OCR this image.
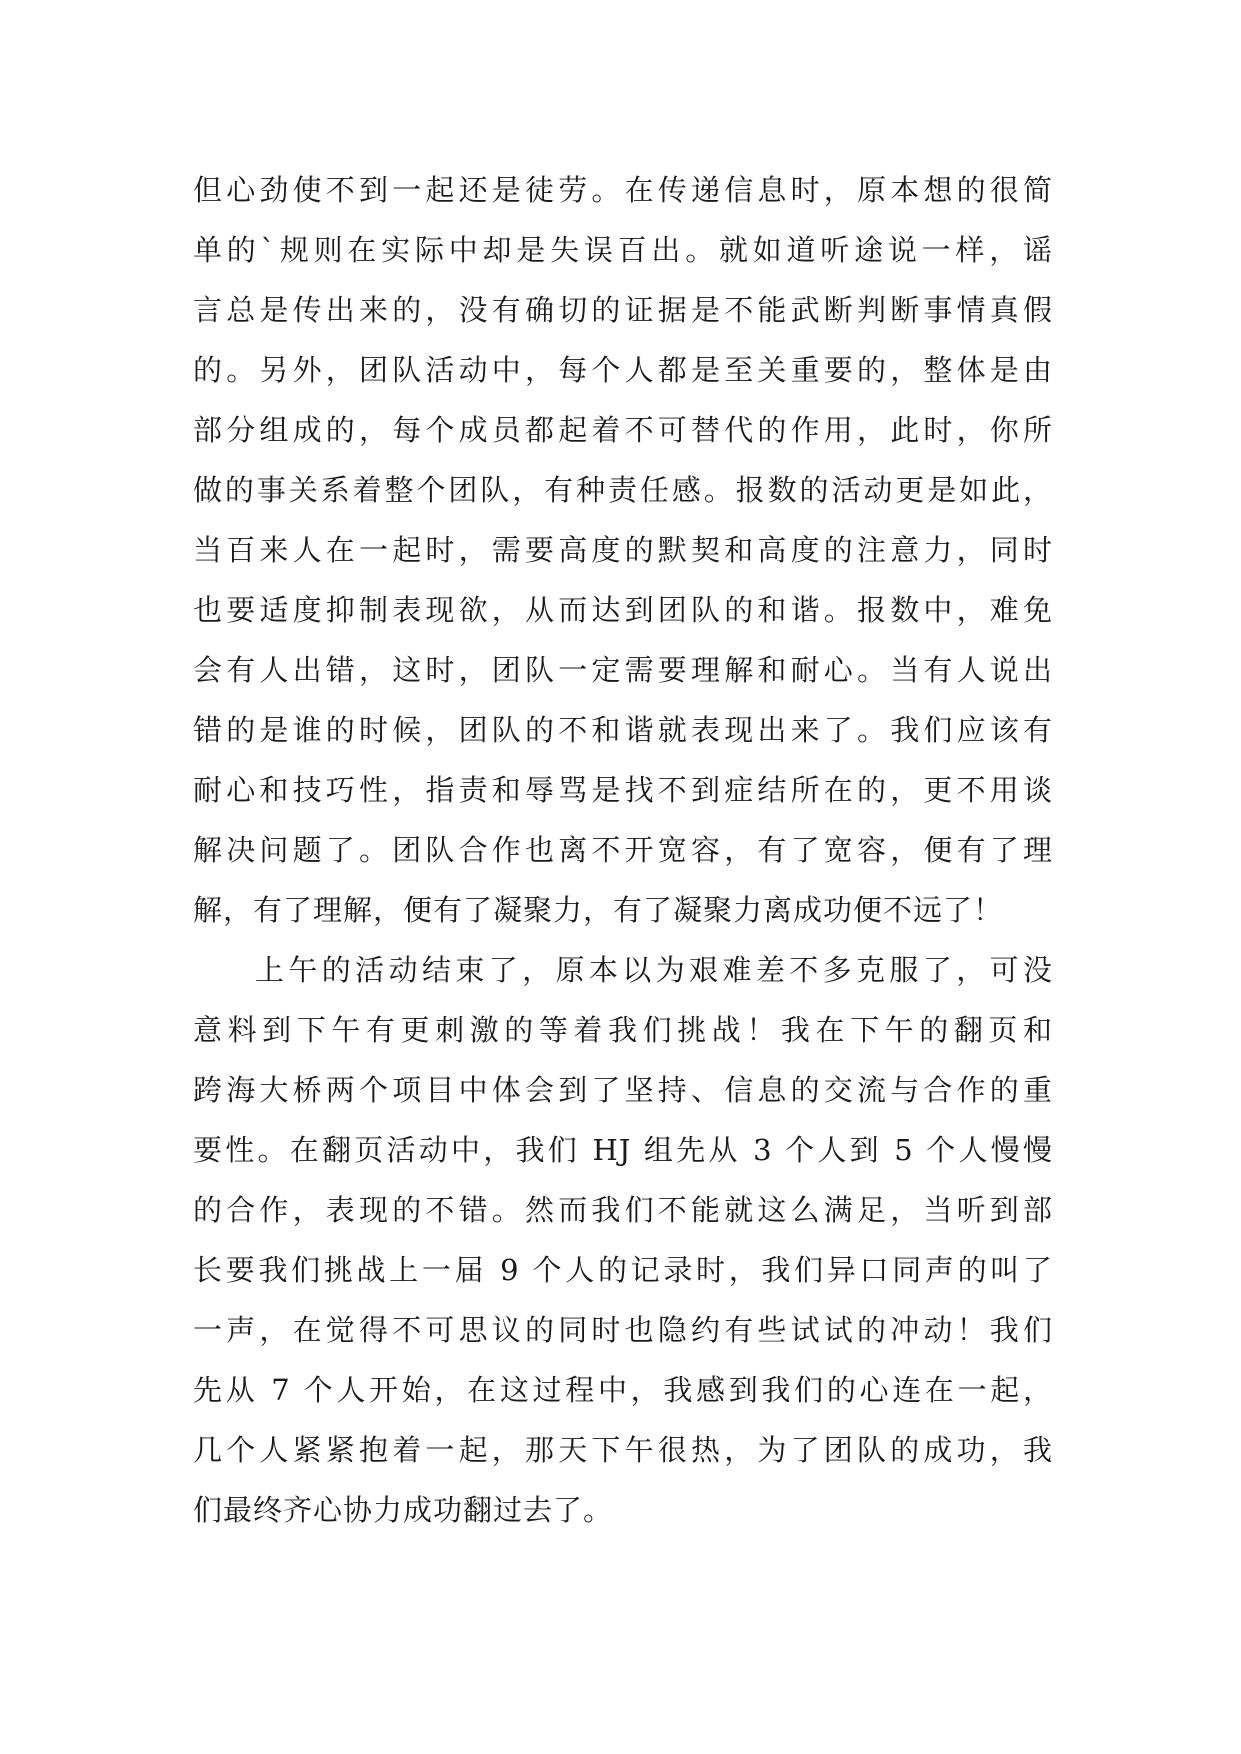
但心劲使不到一起还是徒劳。在传递信息时，原本想的很简
单的`规则在实际中却是失误百出。就如道听途说一样，谣
言总是传出来的，没有确切的证据是不能武断判断事情真假
的。另外，团队活动中，每个人都是至关重要的，整体是由
部分组成的，每个成员都起着不可替代的作用，此时，你所
做的事关系着整个团队，有种责任感。报数的活动更是如此，
当百来人在一起时，需要高度的默契和高度的注意力，同时
也要适度抑制表现欲，从而达到团队的和谐。报数中，难免
会有人出错，这时，团队一定需要理解和耐心。当有人说出
错的是谁的时候，团队的不和谐就表现出来了。我们应该有
耐心和技巧性，指责和辱骂是找不到症结所在的，更不用谈
解决问题了。团队合作也离不开宽容，有了宽容，便有了理
解，有了理解，便有了凝聚力，有了凝聚力离成功便不远了！
上午的活动结束了，原本以为艰难差不多克服了，可没
意料到下午有更刺激的等着我们挑战！我在下午的翻页和
跨海大桥两个项目中体会到了坚持、信息的交流与合作的重
要性。在翻页活动中，我们 HJ 组先从 3 个人到 5 个人慢慢
的合作，表现的不错。然而我们不能就这么满足，当听到部
长要我们挑战上一届 9 个人的记录时，我们异口同声的叫了
一声，在觉得不可思议的同时也隐约有些试试的冲动！我们
先从 7 个人开始，在这过程中，我感到我们的心连在一起，
几个人紧紧抱着一起，那天下午很热，为了团队的成功，我
们最终齐心协力成功翻过去了。
